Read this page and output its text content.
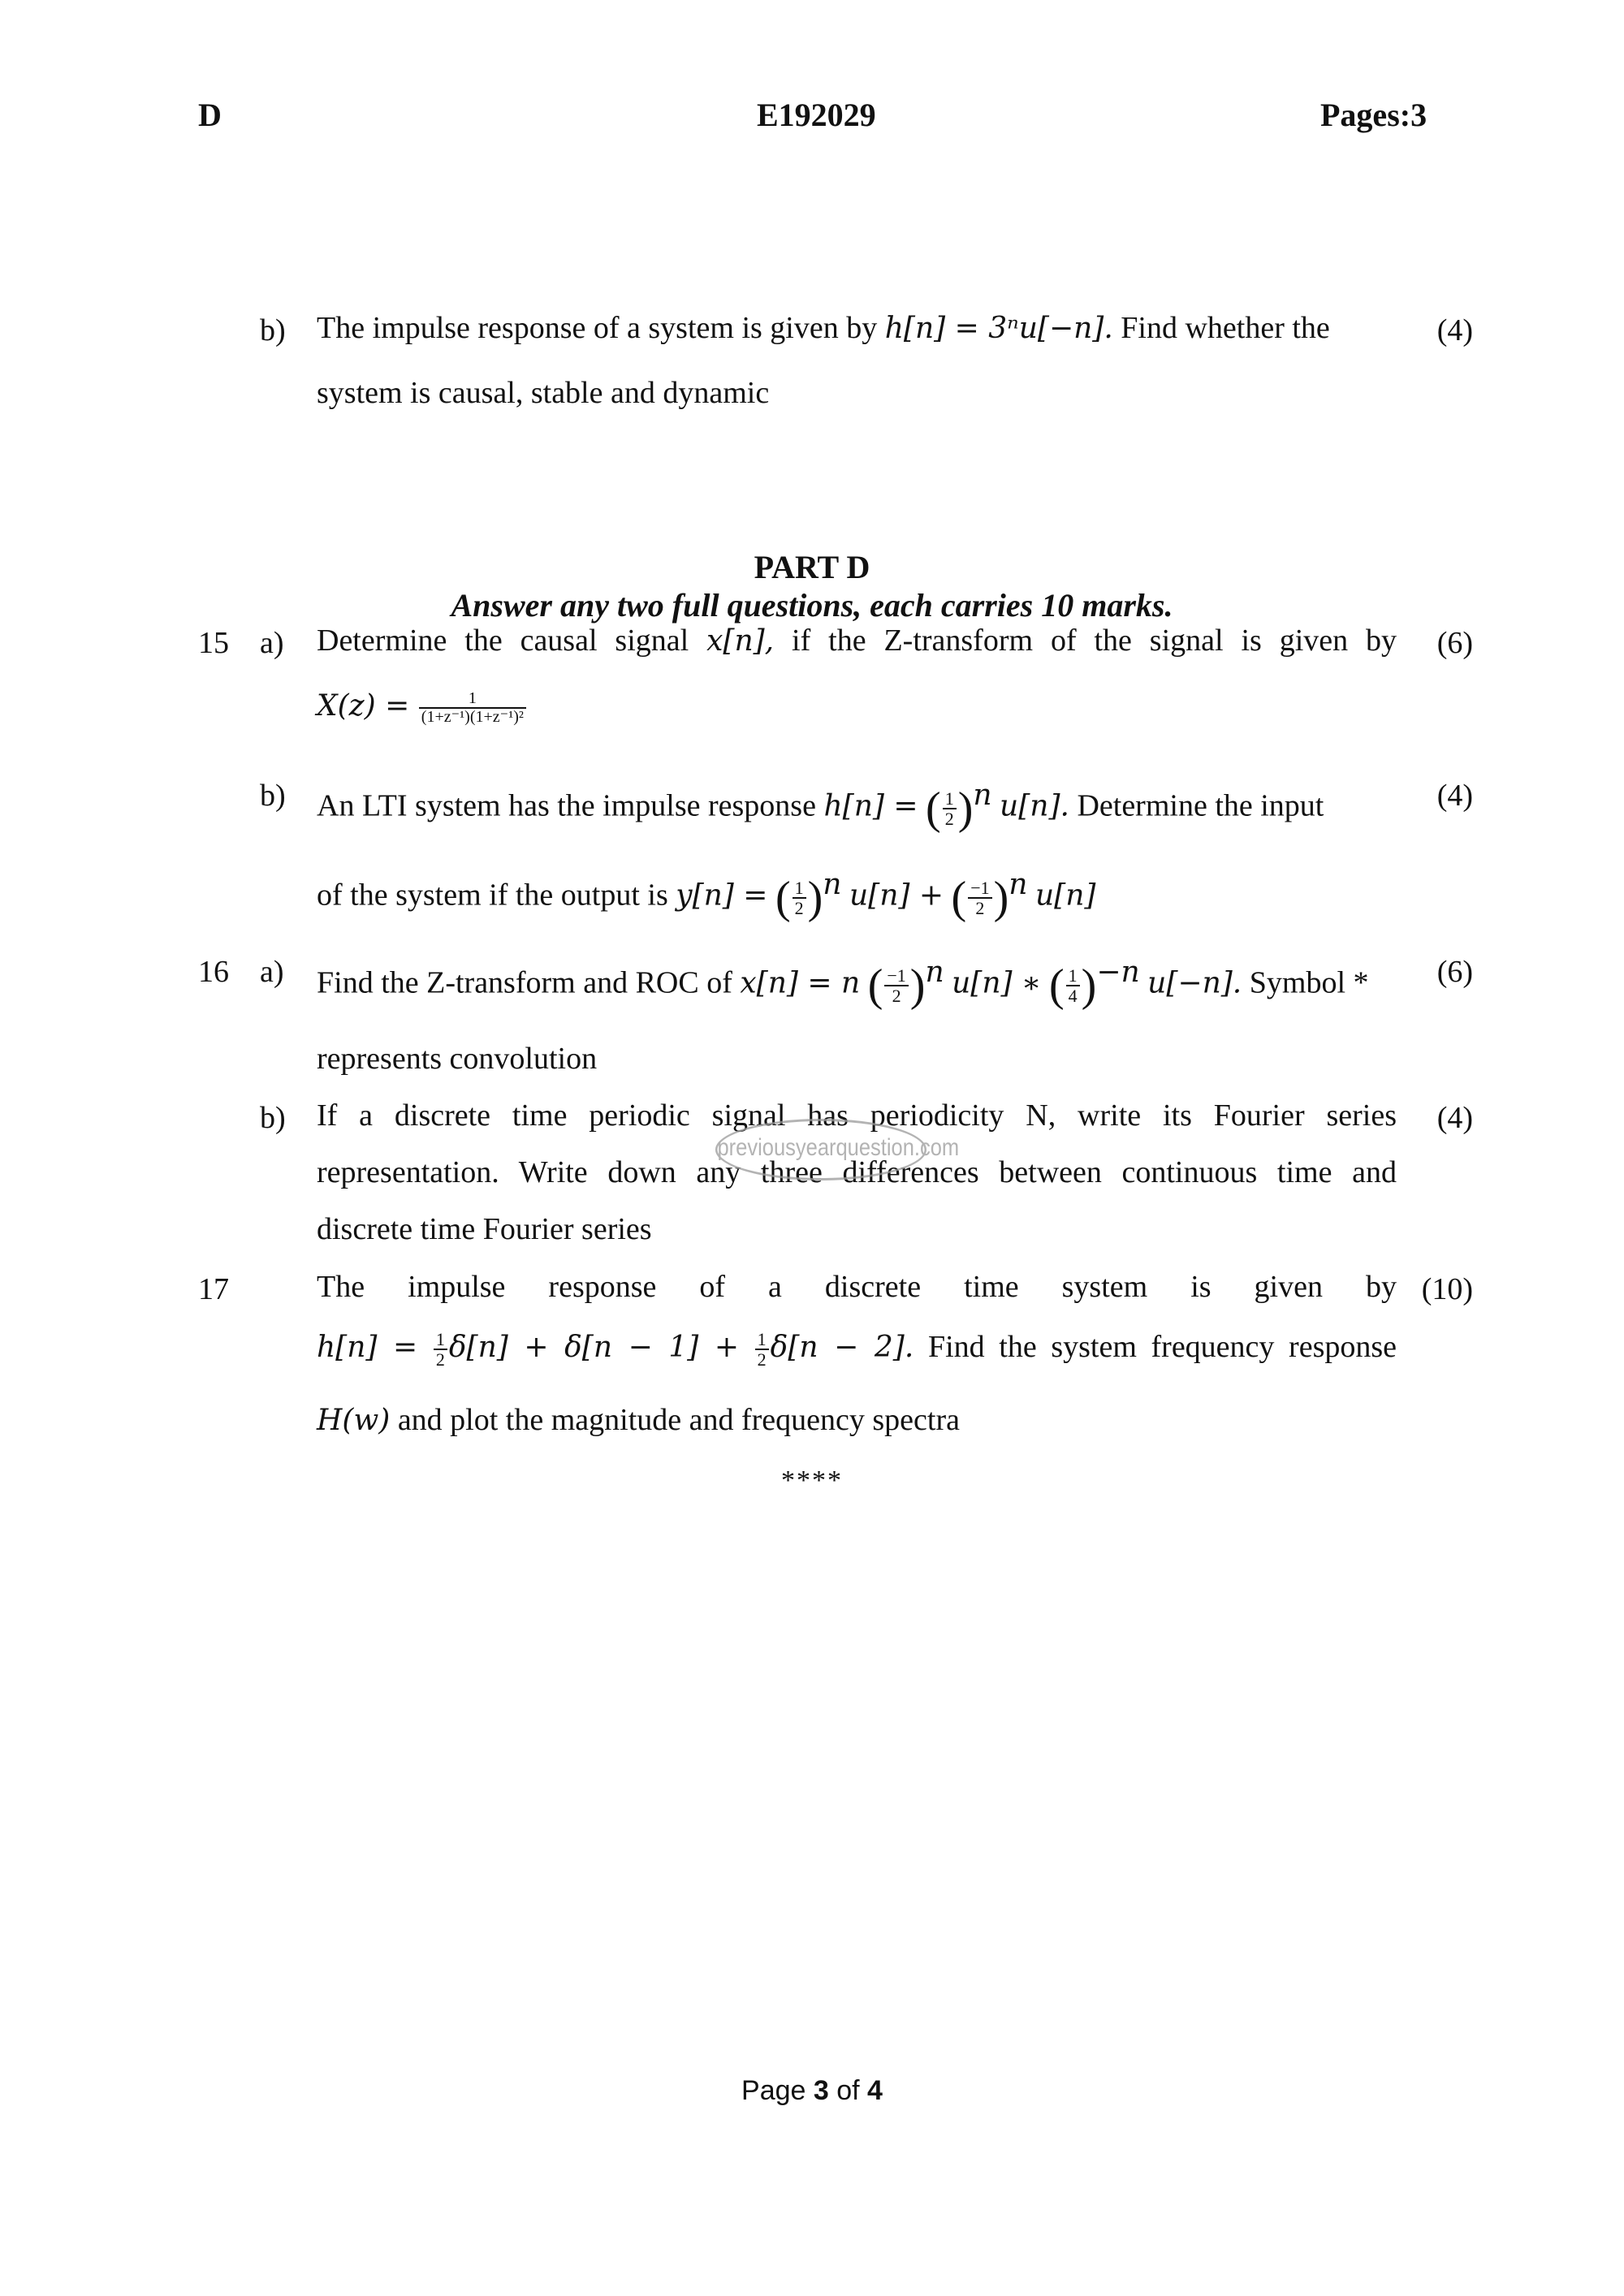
D	E192029	Pages:3
b) The impulse response of a system is given by h[n] = 3ⁿu[−n]. Find whether the
system is causal, stable and dynamic
(4)
PART D
Answer any two full questions, each carries 10 marks.
15 a) Determine the causal signal x[n], if the Z-transform of the signal is given by
$X(z) = \frac{1}{\text{(1+z⁻¹)(1+z⁻¹)²}}$
(6)
b) An LTI system has the impulse response h[n] = ( $\frac{1}{2} )^n$ u[n]. Determine the input
of the system if the output is y[n] = ( $\frac{1}{2} )^n$ u[n] + ( $\frac{-1}{2} )^n$ u[n]
(4)
16 a) Find the Z-transform and ROC of x[n] = n ( $\frac{-1}{2} )^n$ u[n] ∗ ( $\frac{1}{4} )^{-n}$ u[−n]. Symbol *
represents convolution
(6)
b) If a discrete time periodic signal has periodicity N, write its Fourier series
representation. Write down any three differences between continuous time and
discrete time Fourier series
(4)
previousyearquestion.com
17	The impulse response of a discrete time system is given by
$h[n] = \frac{1}{2} \delta[n] + \delta[n - 1] + \frac{1}{2} \delta[n - 2]$. Find the system frequency response
H(w) and plot the magnitude and frequency spectra
(10)
****
Page 3 of 4
